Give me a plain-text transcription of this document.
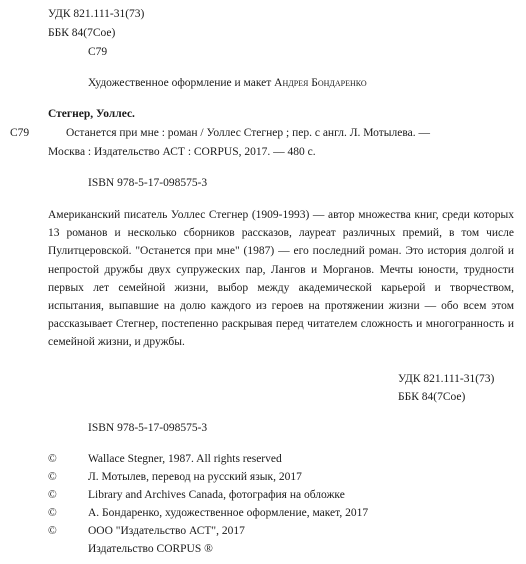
УДК 821.111-31(73)
ББК 84(7Сое)
С79
Художественное оформление и макет Андрея Бондаренко
Стегнер, Уоллес.
С79	Останется при мне : роман / Уоллес Стегнер ; пер. с англ. Л. Мотылева. —
Москва : Издательство АСТ : CORPUS, 2017. — 480 с.
ISBN 978-5-17-098575-3
Американский писатель Уоллес Стегнер (1909-1993) — автор множества книг, среди которых 13 романов и несколько сборников рассказов, лауреат различных премий, в том числе Пулитцеровской. "Останется при мне" (1987) — его последний роман. Это история долгой и непростой дружбы двух супружеских пар, Лангов и Морганов. Мечты юности, трудности первых лет семейной жизни, выбор между академической карьерой и творчеством, испытания, выпавшие на долю каждого из героев на протяжении жизни — обо всем этом рассказывает Стегнер, постепенно раскрывая перед читателем сложность и многогранность и семейной жизни, и дружбы.
УДК 821.111-31(73)
ББК 84(7Сое)
ISBN 978-5-17-098575-3
©	Wallace Stegner, 1987. All rights reserved
©	Л. Мотылев, перевод на русский язык, 2017
©	Library and Archives Canada, фотография на обложке
©	А. Бондаренко, художественное оформление, макет, 2017
©	ООО "Издательство АСТ", 2017
Издательство CORPUS ®
